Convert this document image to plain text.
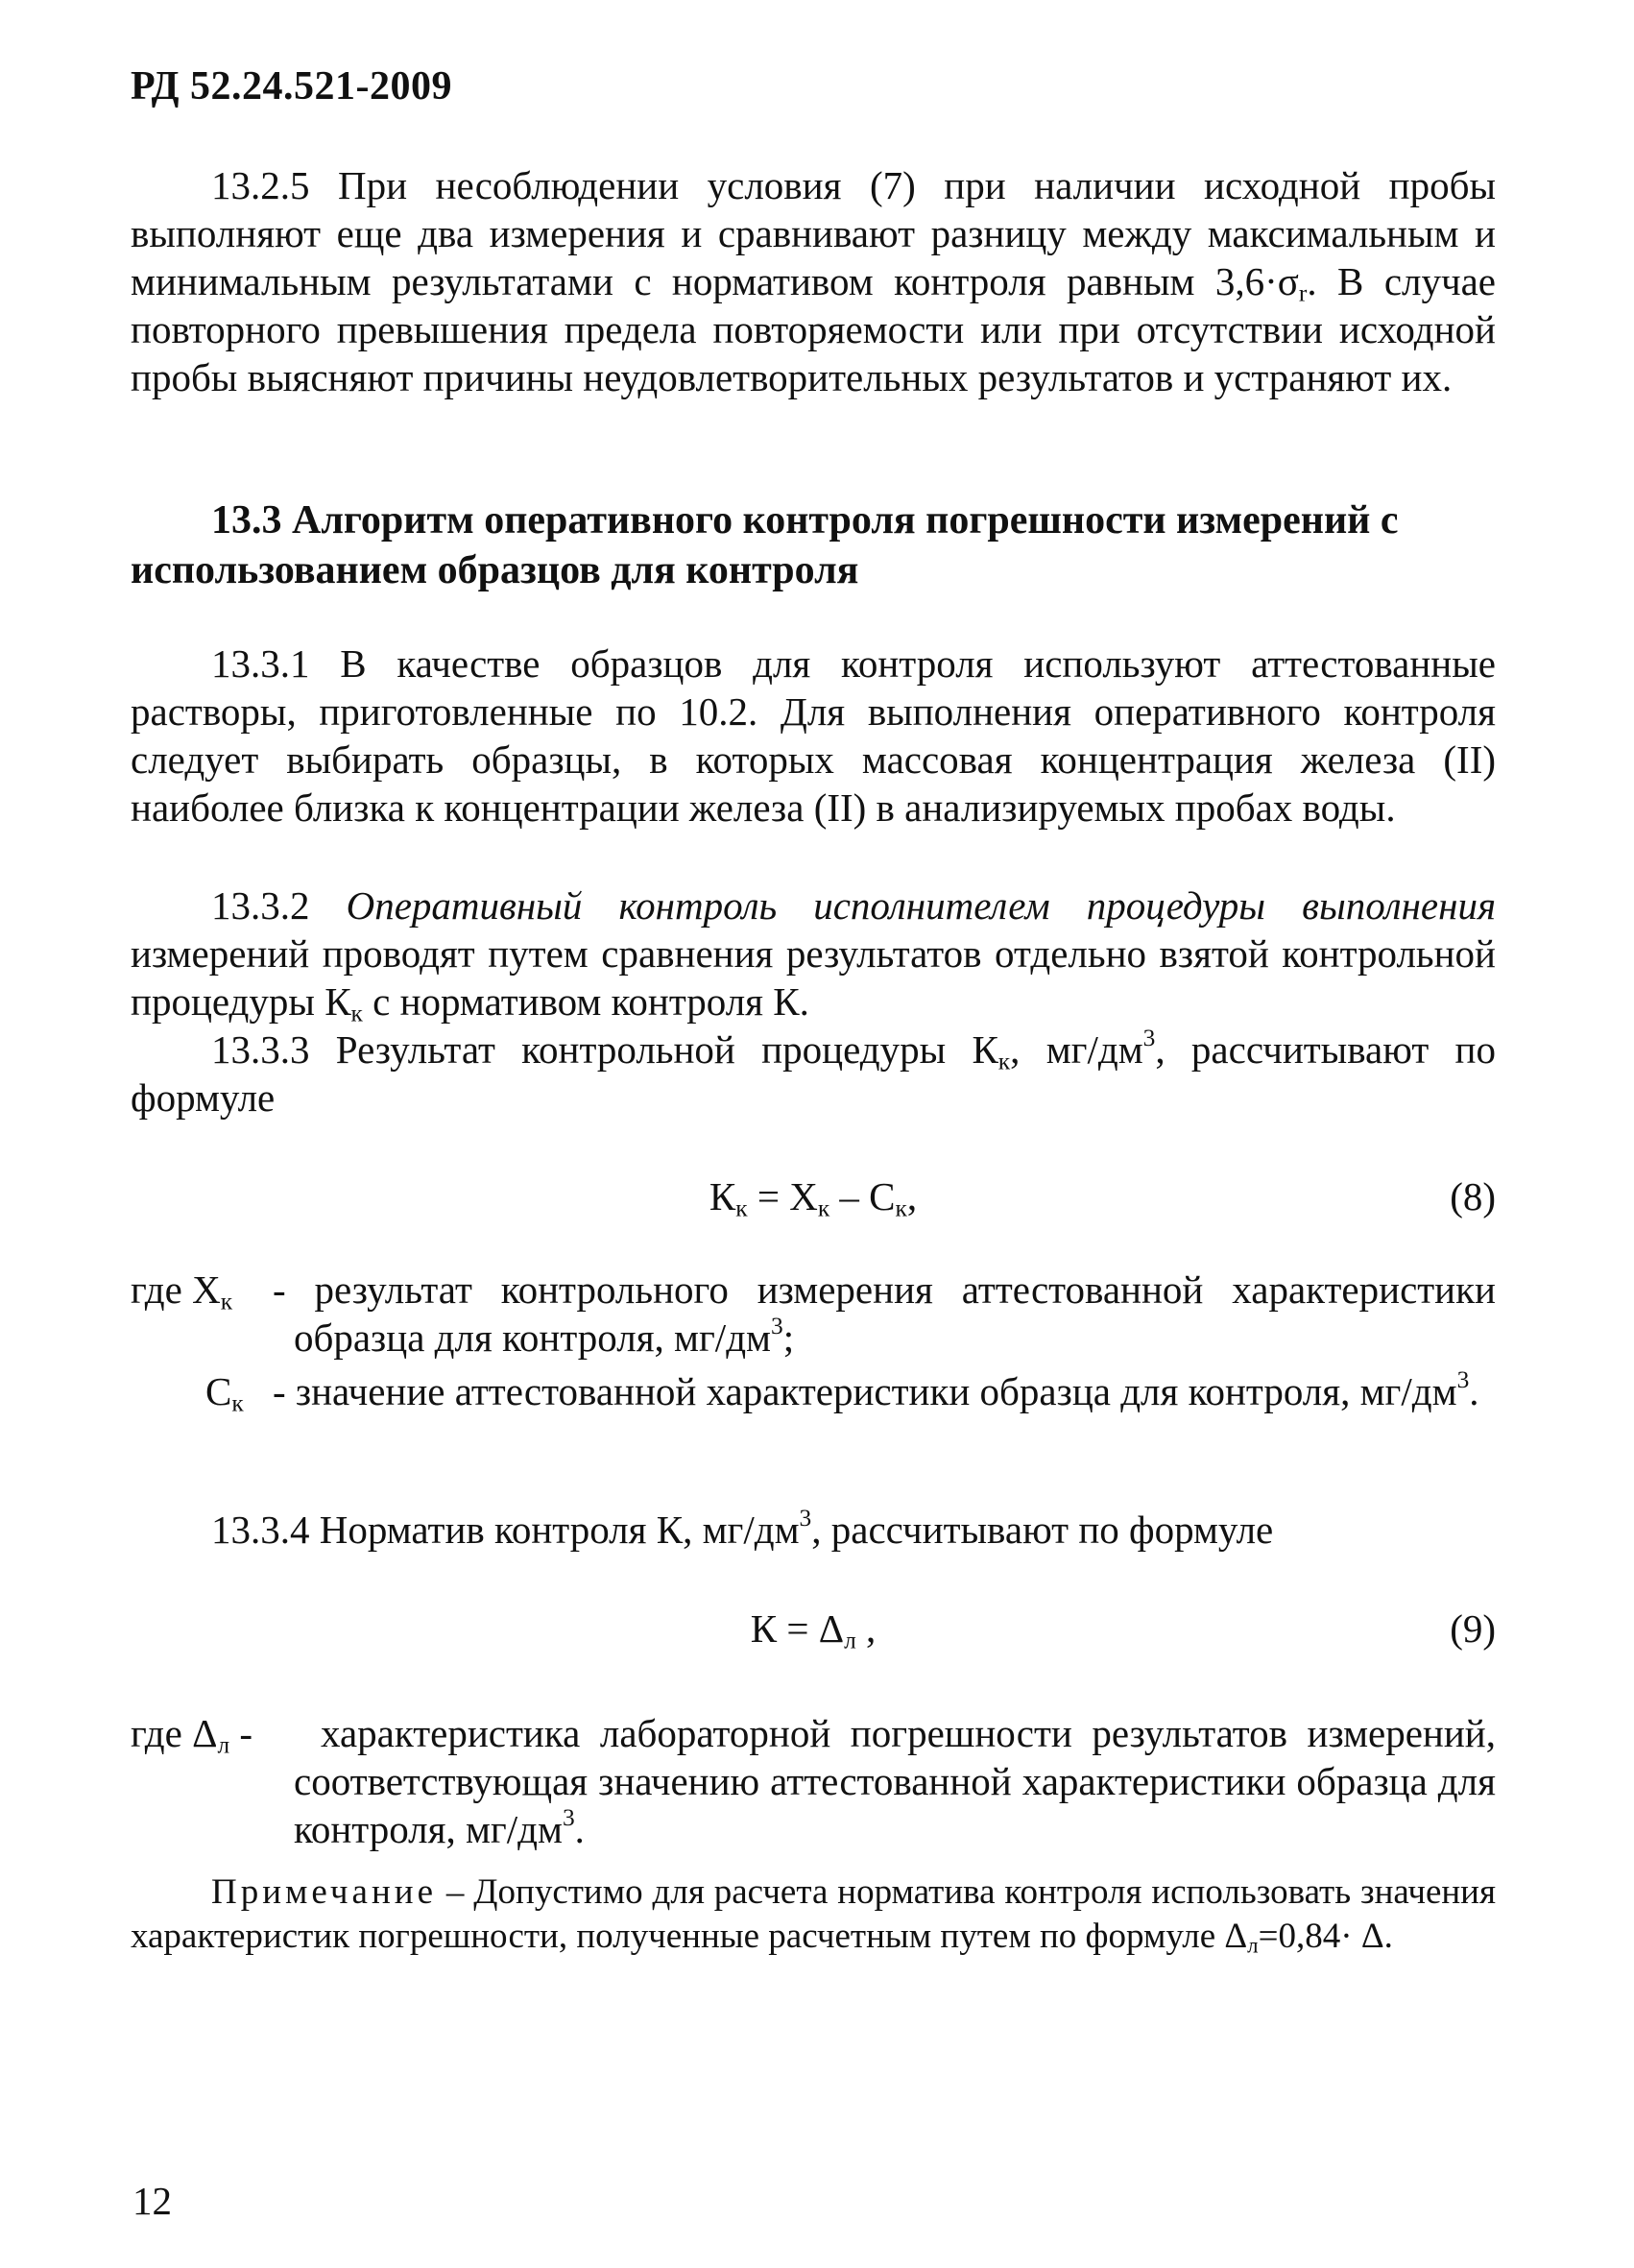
РД 52.24.521-2009
13.2.5 При несоблюдении условия (7) при наличии исходной пробы выполняют еще два измерения и сравнивают разницу между максимальным и минимальным результатами с нормативом контроля равным $3,6\cdot\sigma_r$. В случае повторного превышения предела повторяемости или при отсутствии исходной пробы выясняют причины неудовлетворительных результатов и устраняют их.
13.3 Алгоритм оперативного контроля погрешности измерений с использованием образцов для контроля
13.3.1 В качестве образцов для контроля используют аттестованные растворы, приготовленные по 10.2. Для выполнения оперативного контроля следует выбирать образцы, в которых массовая концентрация железа (II) наиболее близка к концентрации железа (II) в анализируемых пробах воды.
13.3.2 Оперативный контроль исполнителем процедуры выполнения измерений проводят путем сравнения результатов отдельно взятой контрольной процедуры $К_к$ с нормативом контроля К.
13.3.3 Результат контрольной процедуры $К_к$, $мг/дм^3$, рассчитывают по формуле
$К_к = Х_к - С_к$,	(8)
где $Х_к$ - результат контрольного измерения аттестованной характеристики образца для контроля, $мг/дм^3$;
$С_к$ - значение аттестованной характеристики образца для контроля, $мг/дм^3$.
13.3.4 Норматив контроля К, $мг/дм^3$, рассчитывают по формуле
$К = \Delta_л$ ,	(9)
где $\Delta_л$ -	характеристика лабораторной погрешности результатов измерений, соответствующая значению аттестованной характеристики образца для контроля, $мг/дм^3$.
Примечание – Допустимо для расчета норматива контроля использовать значения характеристик погрешности, полученные расчетным путем по формуле $\Delta_л=0,84\cdot \Delta$.
12
